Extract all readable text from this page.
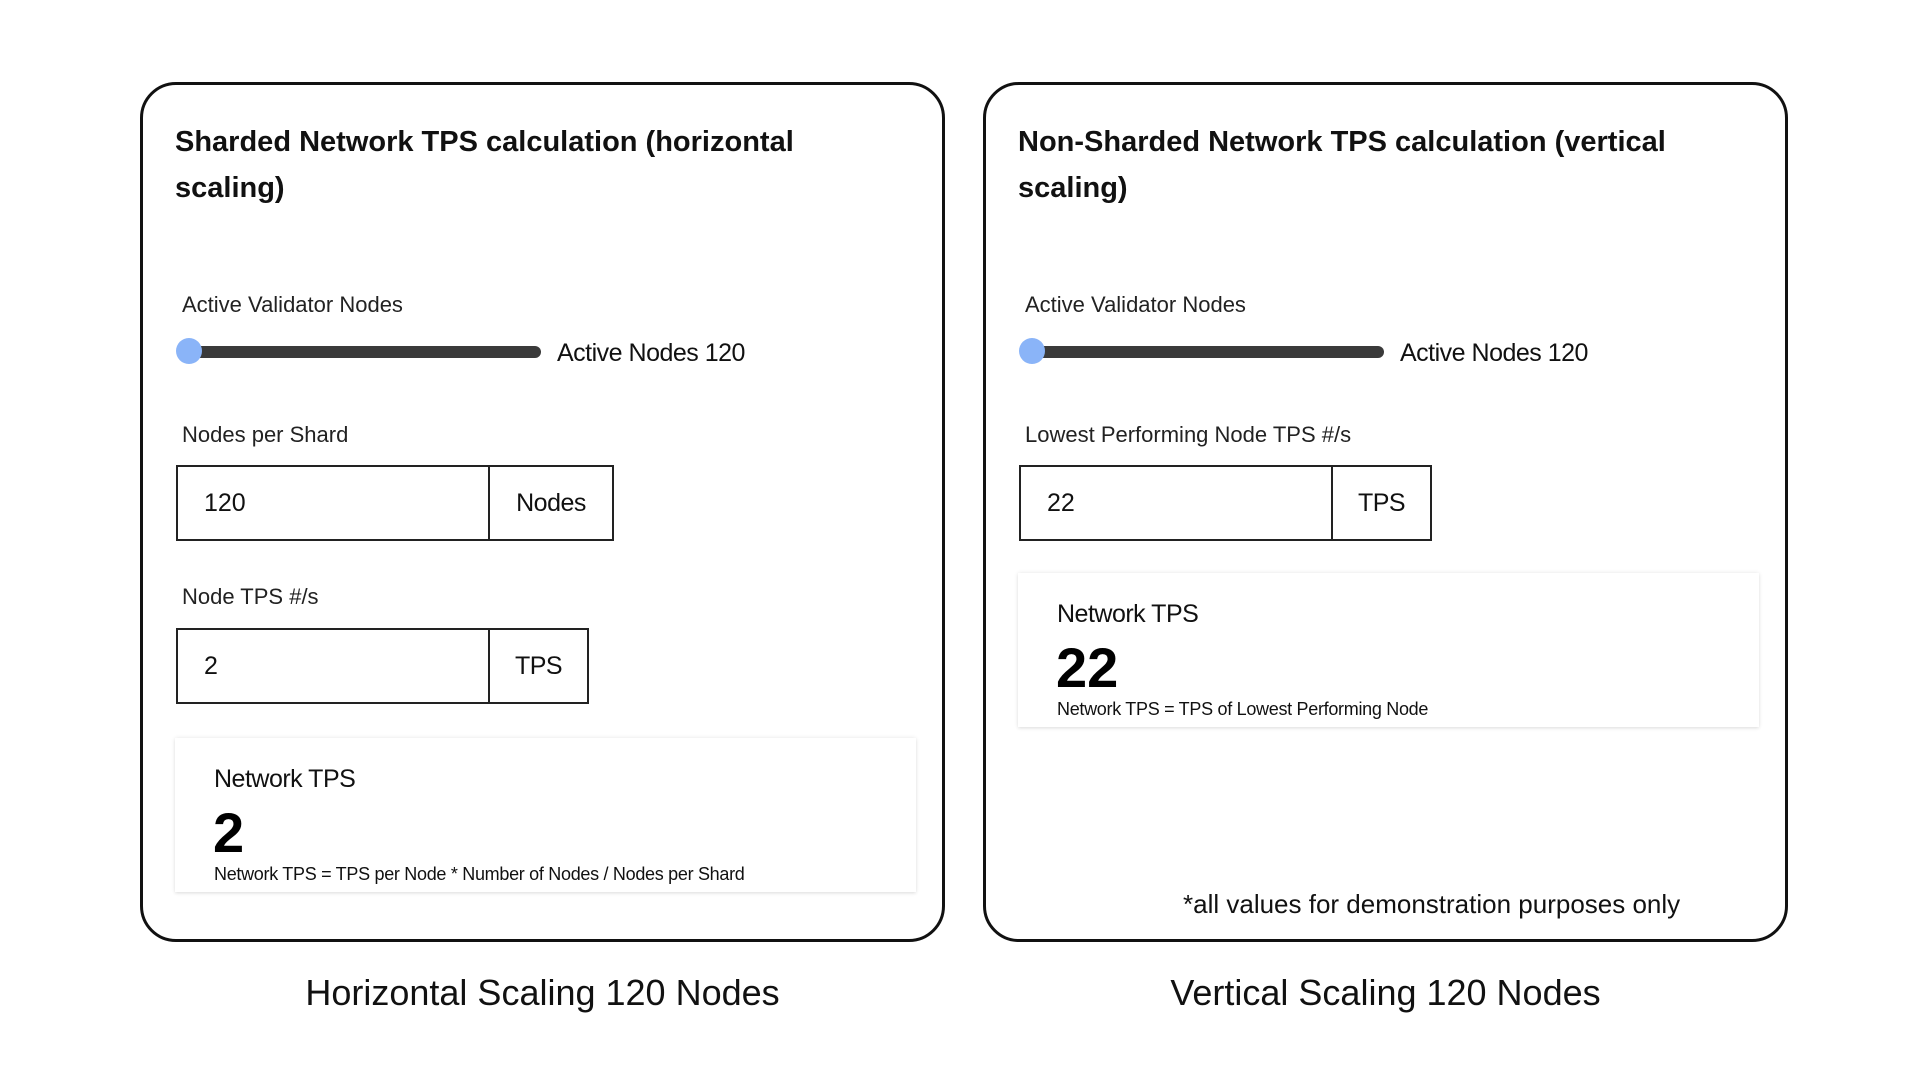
Sharded Network TPS calculation (horizontal scaling)
Active Validator Nodes
Active Nodes 120
Nodes per Shard
120	Nodes
Node TPS #/s
2	TPS
Network TPS
2
Network TPS = TPS per Node * Number of Nodes / Nodes per Shard
Non-Sharded Network TPS calculation (vertical scaling)
Active Validator Nodes
Active Nodes 120
Lowest Performing Node TPS #/s
22	TPS
Network TPS
22
Network TPS = TPS of Lowest Performing Node
*all values for demonstration purposes only
Horizontal Scaling 120 Nodes	Vertical Scaling 120 Nodes
